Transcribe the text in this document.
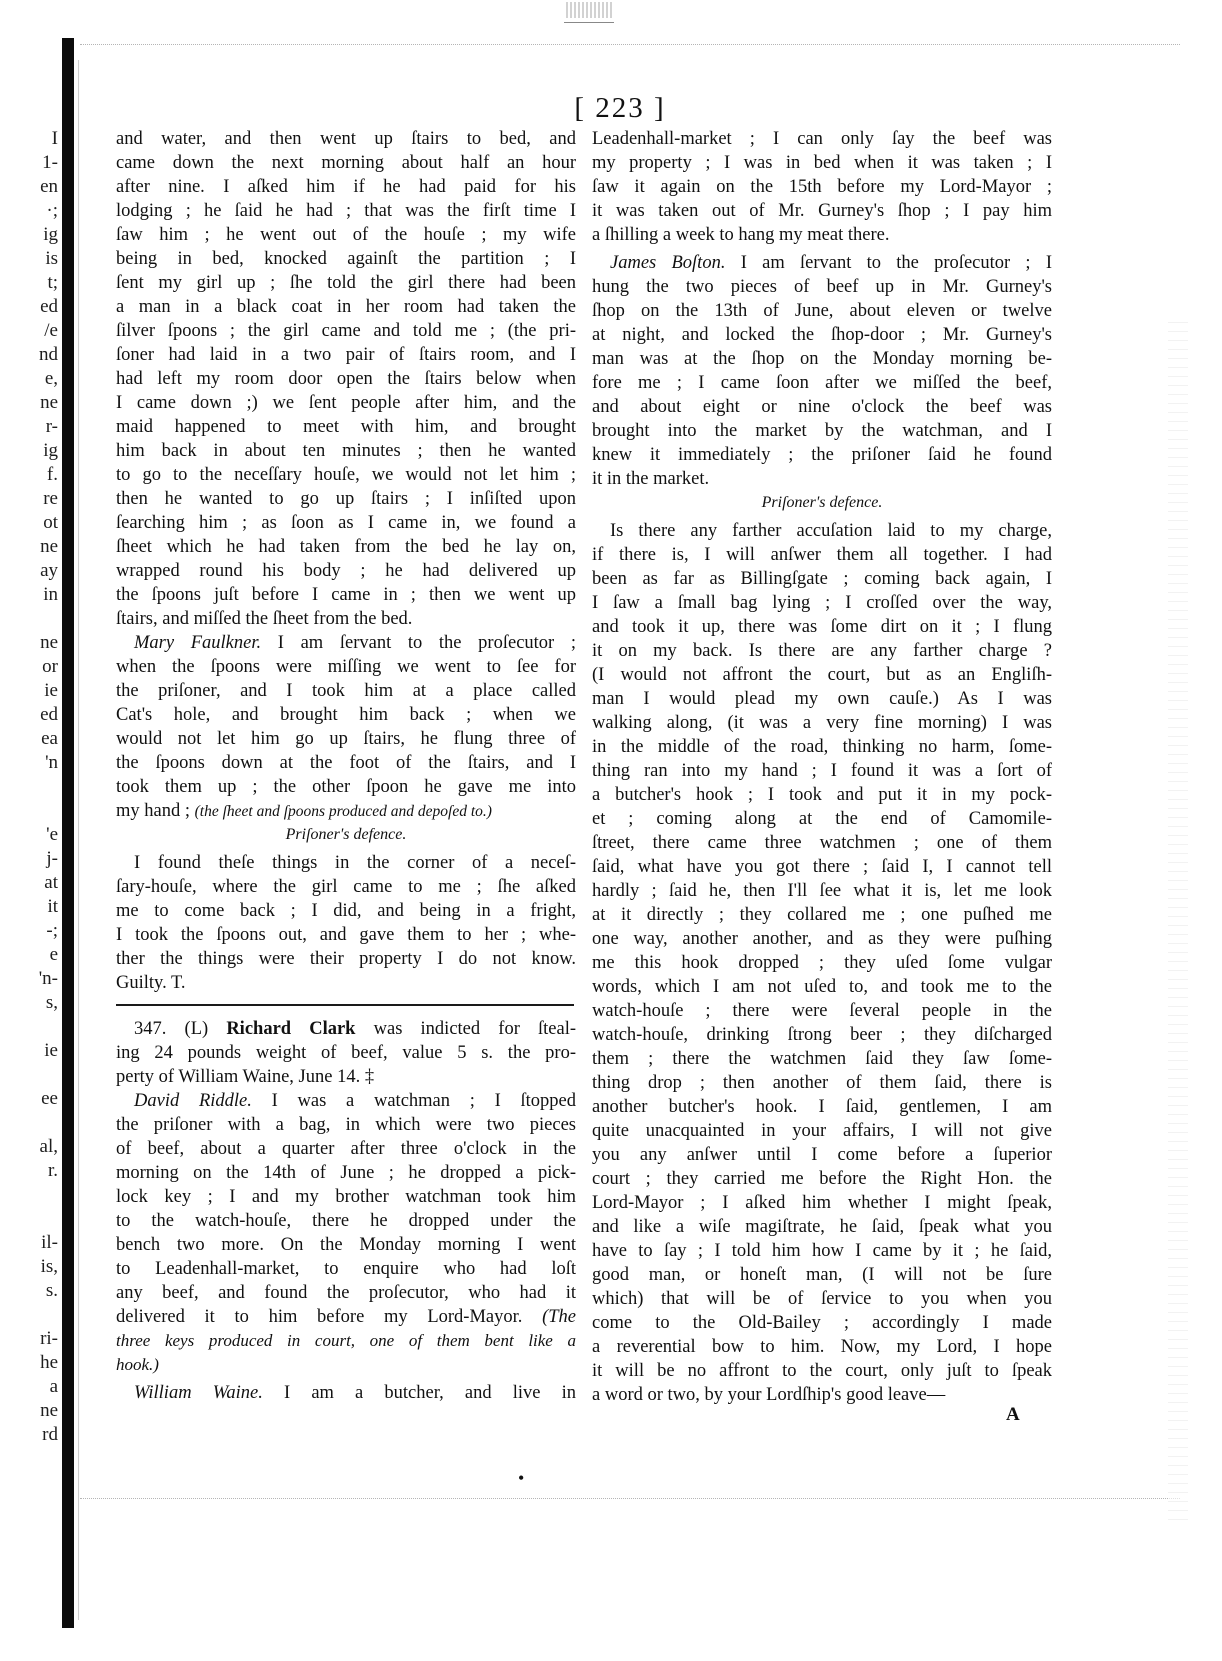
I
1-
en
·;
ig
is
t;
ed
/e
nd
e,
ne
r-
ig
f.
re
ot
ne
ay
in
ne
or
ie
ed
ea
'n
'e
j-
at
it
-;
e
'n-
s,
ie
ee
al,
r.
il-
is,
s.
ri-
he
a
ne
rd
[ 223 ]
and water, and then went up ſtairs to bed, and
came down the next morning about half an hour
after nine. I aſked him if he had paid for his
lodging ; he ſaid he had ; that was the firſt time I
ſaw him ; he went out of the houſe ; my wife
being in bed, knocked againſt the partition ; I
ſent my girl up ; ſhe told the girl there had been
a man in a black coat in her room had taken the
ſilver ſpoons ; the girl came and told me ; (the pri-
ſoner had laid in a two pair of ſtairs room, and I
had left my room door open the ſtairs below when
I came down ;) we ſent people after him, and the
maid happened to meet with him, and brought
him back in about ten minutes ; then he wanted
to go to the neceſſary houſe, we would not let him ;
then he wanted to go up ſtairs ; I inſiſted upon
ſearching him ; as ſoon as I came in, we found a
ſheet which he had taken from the bed he lay on,
wrapped round his body ; he had delivered up
the ſpoons juſt before I came in ; then we went up
ſtairs, and miſſed the ſheet from the bed.
Mary Faulkner. I am ſervant to the proſecutor ;
when the ſpoons were miſſing we went to ſee for
the priſoner, and I took him at a place called
Cat's hole, and brought him back ; when we
would not let him go up ſtairs, he flung three of
the ſpoons down at the foot of the ſtairs, and I
took them up ; the other ſpoon he gave me into
my hand ; (the ſheet and ſpoons produced and depoſed to.)
Priſoner's defence.
I found theſe things in the corner of a neceſ-
ſary-houſe, where the girl came to me ; ſhe aſked
me to come back ; I did, and being in a fright,
I took the ſpoons out, and gave them to her ; whe-
ther the things were their property I do not know.
Guilty. T.
347. (L) Richard Clark was indicted for ſteal-
ing 24 pounds weight of beef, value 5 s. the pro-
perty of William Waine, June 14. ‡
David Riddle. I was a watchman ; I ſtopped
the priſoner with a bag, in which were two pieces
of beef, about a quarter after three o'clock in the
morning on the 14th of June ; he dropped a pick-
lock key ; I and my brother watchman took him
to the watch-houſe, there he dropped under the
bench two more. On the Monday morning I went
to Leadenhall-market, to enquire who had loſt
any beef, and found the proſecutor, who had it
delivered it to him before my Lord-Mayor. (The
three keys produced in court, one of them bent like a
hook.)
William Waine. I am a butcher, and live in
Leadenhall-market ; I can only ſay the beef was
my property ; I was in bed when it was taken ; I
ſaw it again on the 15th before my Lord-Mayor ;
it was taken out of Mr. Gurney's ſhop ; I pay him
a ſhilling a week to hang my meat there.
James Boſton. I am ſervant to the proſecutor ; I
hung the two pieces of beef up in Mr. Gurney's
ſhop on the 13th of June, about eleven or twelve
at night, and locked the ſhop-door ; Mr. Gurney's
man was at the ſhop on the Monday morning be-
fore me ; I came ſoon after we miſſed the beef,
and about eight or nine o'clock the beef was
brought into the market by the watchman, and I
knew it immediately ; the priſoner ſaid he found
it in the market.
Priſoner's defence.
Is there any farther accuſation laid to my charge,
if there is, I will anſwer them all together. I had
been as far as Billingſgate ; coming back again, I
I ſaw a ſmall bag lying ; I croſſed over the way,
and took it up, there was ſome dirt on it ; I flung
it on my back. Is there are any farther charge ?
(I would not affront the court, but as an Engliſh-
man I would plead my own cauſe.) As I was
walking along, (it was a very fine morning) I was
in the middle of the road, thinking no harm, ſome-
thing ran into my hand ; I found it was a ſort of
a butcher's hook ; I took and put it in my pock-
et ; coming along at the end of Camomile-
ſtreet, there came three watchmen ; one of them
ſaid, what have you got there ; ſaid I, I cannot tell
hardly ; ſaid he, then I'll ſee what it is, let me look
at it directly ; they collared me ; one puſhed me
one way, another another, and as they were puſhing
me this hook dropped ; they uſed ſome vulgar
words, which I am not uſed to, and took me to the
watch-houſe ; there were ſeveral people in the
watch-houſe, drinking ſtrong beer ; they diſcharged
them ; there the watchmen ſaid they ſaw ſome-
thing drop ; then another of them ſaid, there is
another butcher's hook. I ſaid, gentlemen, I am
quite unacquainted in your affairs, I will not give
you any anſwer until I come before a ſuperior
court ; they carried me before the Right Hon. the
Lord-Mayor ; I aſked him whether I might ſpeak,
and like a wiſe magiſtrate, he ſaid, ſpeak what you
have to ſay ; I told him how I came by it ; he ſaid,
good man, or honeſt man, (I will not be ſure
which) that will be of ſervice to you when you
come to the Old-Bailey ; accordingly I made
a reverential bow to him. Now, my Lord, I hope
it will be no affront to the court, only juſt to ſpeak
a word or two, by your Lordſhip's good leave—
A
•
